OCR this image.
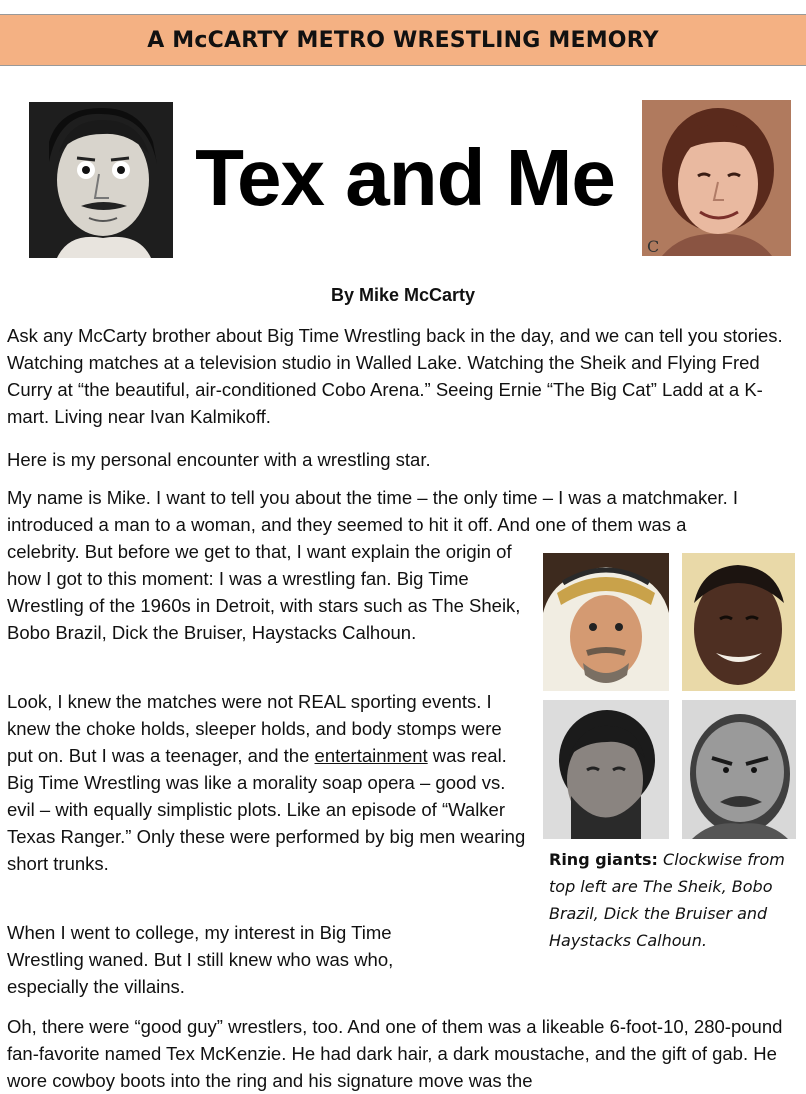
A McCARTY METRO WRESTLING MEMORY
Tex and Me
C
By Mike McCarty

Ask any McCarty brother about Big Time Wrestling back in the day, and we can tell you stories. Watching matches at a television studio in Walled Lake. Watching the Sheik and Flying Fred Curry at “the beautiful, air-conditioned Cobo Arena.” Seeing Ernie “The Big Cat” Ladd at a K-mart. Living near Ivan Kalmikoff.

Here is my personal encounter with a wrestling star.

My name is Mike. I want to tell you about the time – the only time – I was a matchmaker. I introduced a man to a woman, and they seemed to hit it off. And one of them was a

celebrity. But before we get to that, I want explain the origin of how I got to this moment: I was a wrestling fan. Big Time Wrestling of the 1960s in Detroit, with stars such as The Sheik, Bobo Brazil, Dick the Bruiser, Haystacks Calhoun.

Look, I knew the matches were not REAL sporting events. I knew the choke holds, sleeper holds, and body stomps were put on. But I was a teenager, and the entertainment was real. Big Time Wrestling was like a morality soap opera – good vs. evil – with equally simplistic plots. Like an episode of “Walker Texas Ranger.” Only these were performed by big men wearing short trunks.

When I went to college, my interest in Big Time Wrestling waned. But I still knew who was who, especially the villains.

Oh, there were “good guy” wrestlers, too. And one of them was a likeable 6-foot-10, 280-pound fan-favorite named Tex McKenzie. He had dark hair, a dark moustache, and the gift of gab. He wore cowboy boots into the ring and his signature move was the

Ring giants: Clockwise from top left are The Sheik, Bobo Brazil, Dick the Bruiser and Haystacks Calhoun.
